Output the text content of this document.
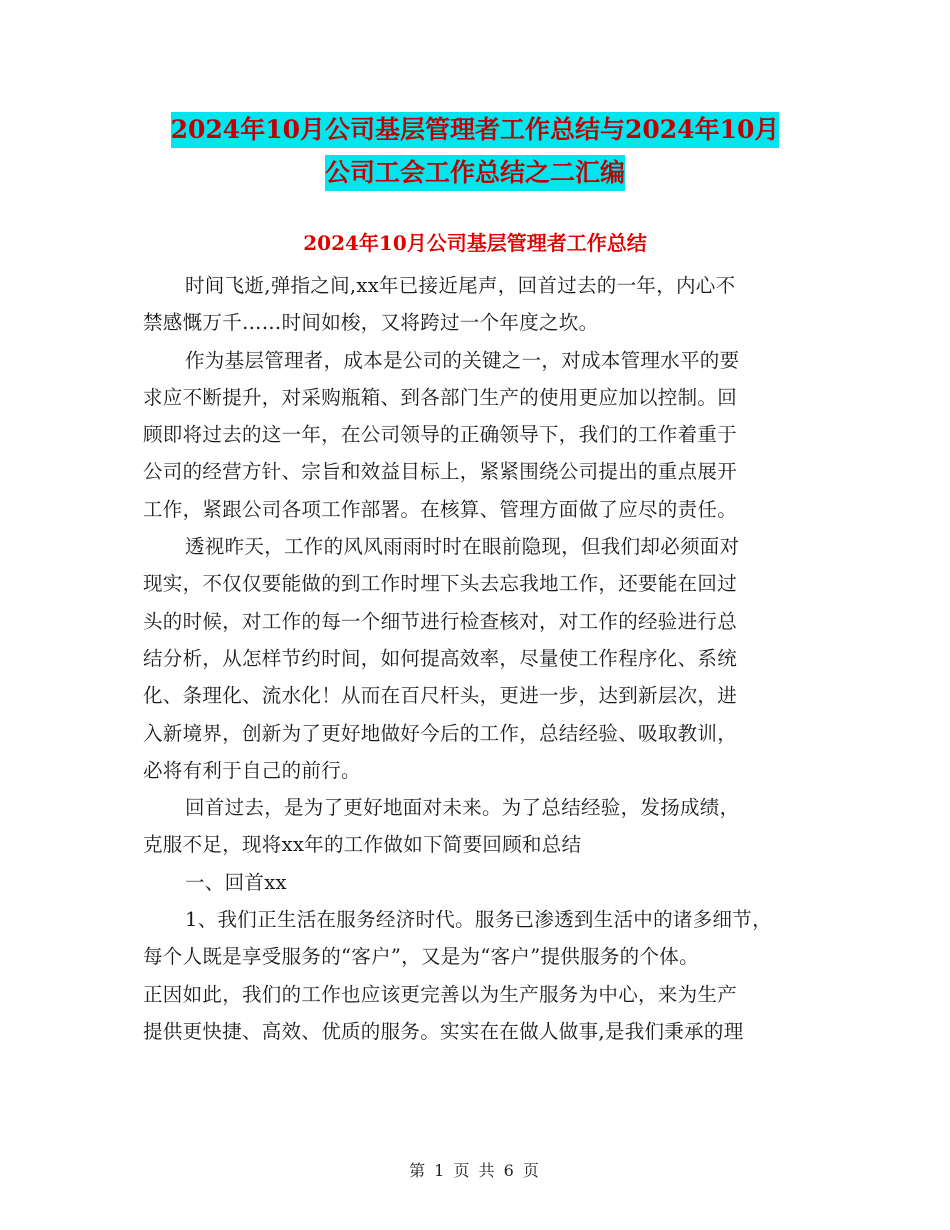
2024年10月公司基层管理者工作总结与2024年10月
公司工会工作总结之二汇编
2024年10月公司基层管理者工作总结
时间飞逝,弹指之间,xx年已接近尾声，回首过去的一年，内心不
禁感慨万千……时间如梭，又将跨过一个年度之坎。
作为基层管理者，成本是公司的关键之一，对成本管理水平的要
求应不断提升，对采购瓶箱、到各部门生产的使用更应加以控制。回
顾即将过去的这一年，在公司领导的正确领导下，我们的工作着重于
公司的经营方针、宗旨和效益目标上，紧紧围绕公司提出的重点展开
工作，紧跟公司各项工作部署。在核算、管理方面做了应尽的责任。
透视昨天，工作的风风雨雨时时在眼前隐现，但我们却必须面对
现实，不仅仅要能做的到工作时埋下头去忘我地工作，还要能在回过
头的时候，对工作的每一个细节进行检查核对，对工作的经验进行总
结分析，从怎样节约时间，如何提高效率，尽量使工作程序化、系统
化、条理化、流水化！从而在百尺杆头，更进一步，达到新层次，进
入新境界，创新为了更好地做好今后的工作，总结经验、吸取教训，
必将有利于自己的前行。
回首过去，是为了更好地面对未来。为了总结经验，发扬成绩，
克服不足，现将xx年的工作做如下简要回顾和总结
一、回首xx
1、我们正生活在服务经济时代。服务已渗透到生活中的诸多细节，
每个人既是享受服务的“客户”，又是为“客户”提供服务的个体。
正因如此，我们的工作也应该更完善以为生产服务为中心，来为生产
提供更快捷、高效、优质的服务。实实在在做人做事,是我们秉承的理
第 1 页 共 6 页
